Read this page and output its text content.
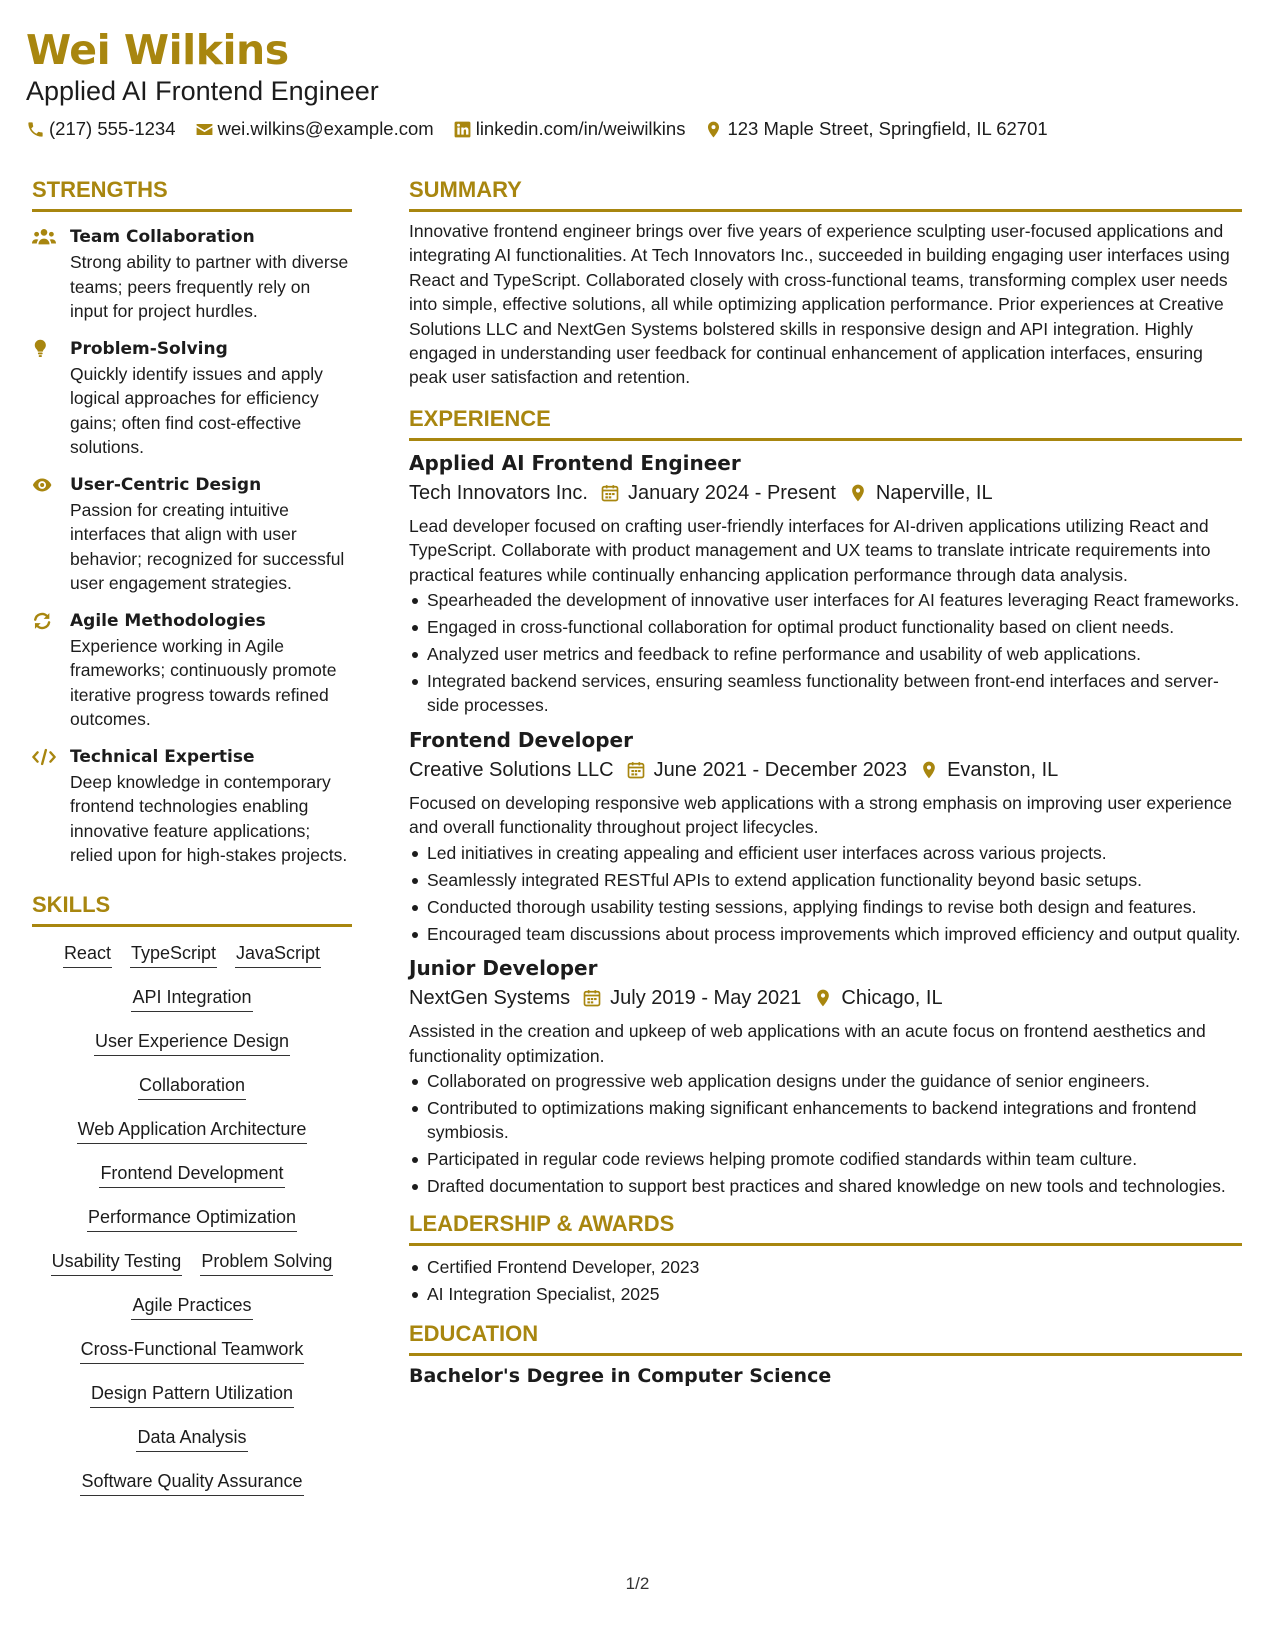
Wei Wilkins
Applied AI Frontend Engineer
(217) 555-1234 wei.wilkins@example.com linkedin.com/in/weiwilkins 123 Maple Street, Springfield, IL 62701
STRENGTHS
Team Collaboration
Strong ability to partner with diverse teams; peers frequently rely on input for project hurdles.
Problem-Solving
Quickly identify issues and apply logical approaches for efficiency gains; often find cost-effective solutions.
User-Centric Design
Passion for creating intuitive interfaces that align with user behavior; recognized for successful user engagement strategies.
Agile Methodologies
Experience working in Agile frameworks; continuously promote iterative progress towards refined outcomes.
Technical Expertise
Deep knowledge in contemporary frontend technologies enabling innovative feature applications; relied upon for high-stakes projects.
SKILLS
React TypeScript JavaScript
API Integration
User Experience Design
Collaboration
Web Application Architecture
Frontend Development
Performance Optimization
Usability Testing Problem Solving
Agile Practices
Cross-Functional Teamwork
Design Pattern Utilization
Data Analysis
Software Quality Assurance
SUMMARY
Innovative frontend engineer brings over five years of experience sculpting user-focused applications and integrating AI functionalities. At Tech Innovators Inc., succeeded in building engaging user interfaces using React and TypeScript. Collaborated closely with cross-functional teams, transforming complex user needs into simple, effective solutions, all while optimizing application performance. Prior experiences at Creative Solutions LLC and NextGen Systems bolstered skills in responsive design and API integration. Highly engaged in understanding user feedback for continual enhancement of application interfaces, ensuring peak user satisfaction and retention.
EXPERIENCE
Applied AI Frontend Engineer
Tech Innovators Inc. January 2024 - Present Naperville, IL
Lead developer focused on crafting user-friendly interfaces for AI-driven applications utilizing React and TypeScript. Collaborate with product management and UX teams to translate intricate requirements into practical features while continually enhancing application performance through data analysis.
Spearheaded the development of innovative user interfaces for AI features leveraging React frameworks.
Engaged in cross-functional collaboration for optimal product functionality based on client needs.
Analyzed user metrics and feedback to refine performance and usability of web applications.
Integrated backend services, ensuring seamless functionality between front-end interfaces and server-side processes.
Frontend Developer
Creative Solutions LLC June 2021 - December 2023 Evanston, IL
Focused on developing responsive web applications with a strong emphasis on improving user experience and overall functionality throughout project lifecycles.
Led initiatives in creating appealing and efficient user interfaces across various projects.
Seamlessly integrated RESTful APIs to extend application functionality beyond basic setups.
Conducted thorough usability testing sessions, applying findings to revise both design and features.
Encouraged team discussions about process improvements which improved efficiency and output quality.
Junior Developer
NextGen Systems July 2019 - May 2021 Chicago, IL
Assisted in the creation and upkeep of web applications with an acute focus on frontend aesthetics and functionality optimization.
Collaborated on progressive web application designs under the guidance of senior engineers.
Contributed to optimizations making significant enhancements to backend integrations and frontend symbiosis.
Participated in regular code reviews helping promote codified standards within team culture.
Drafted documentation to support best practices and shared knowledge on new tools and technologies.
LEADERSHIP & AWARDS
Certified Frontend Developer, 2023
AI Integration Specialist, 2025
EDUCATION
Bachelor's Degree in Computer Science
1/2
